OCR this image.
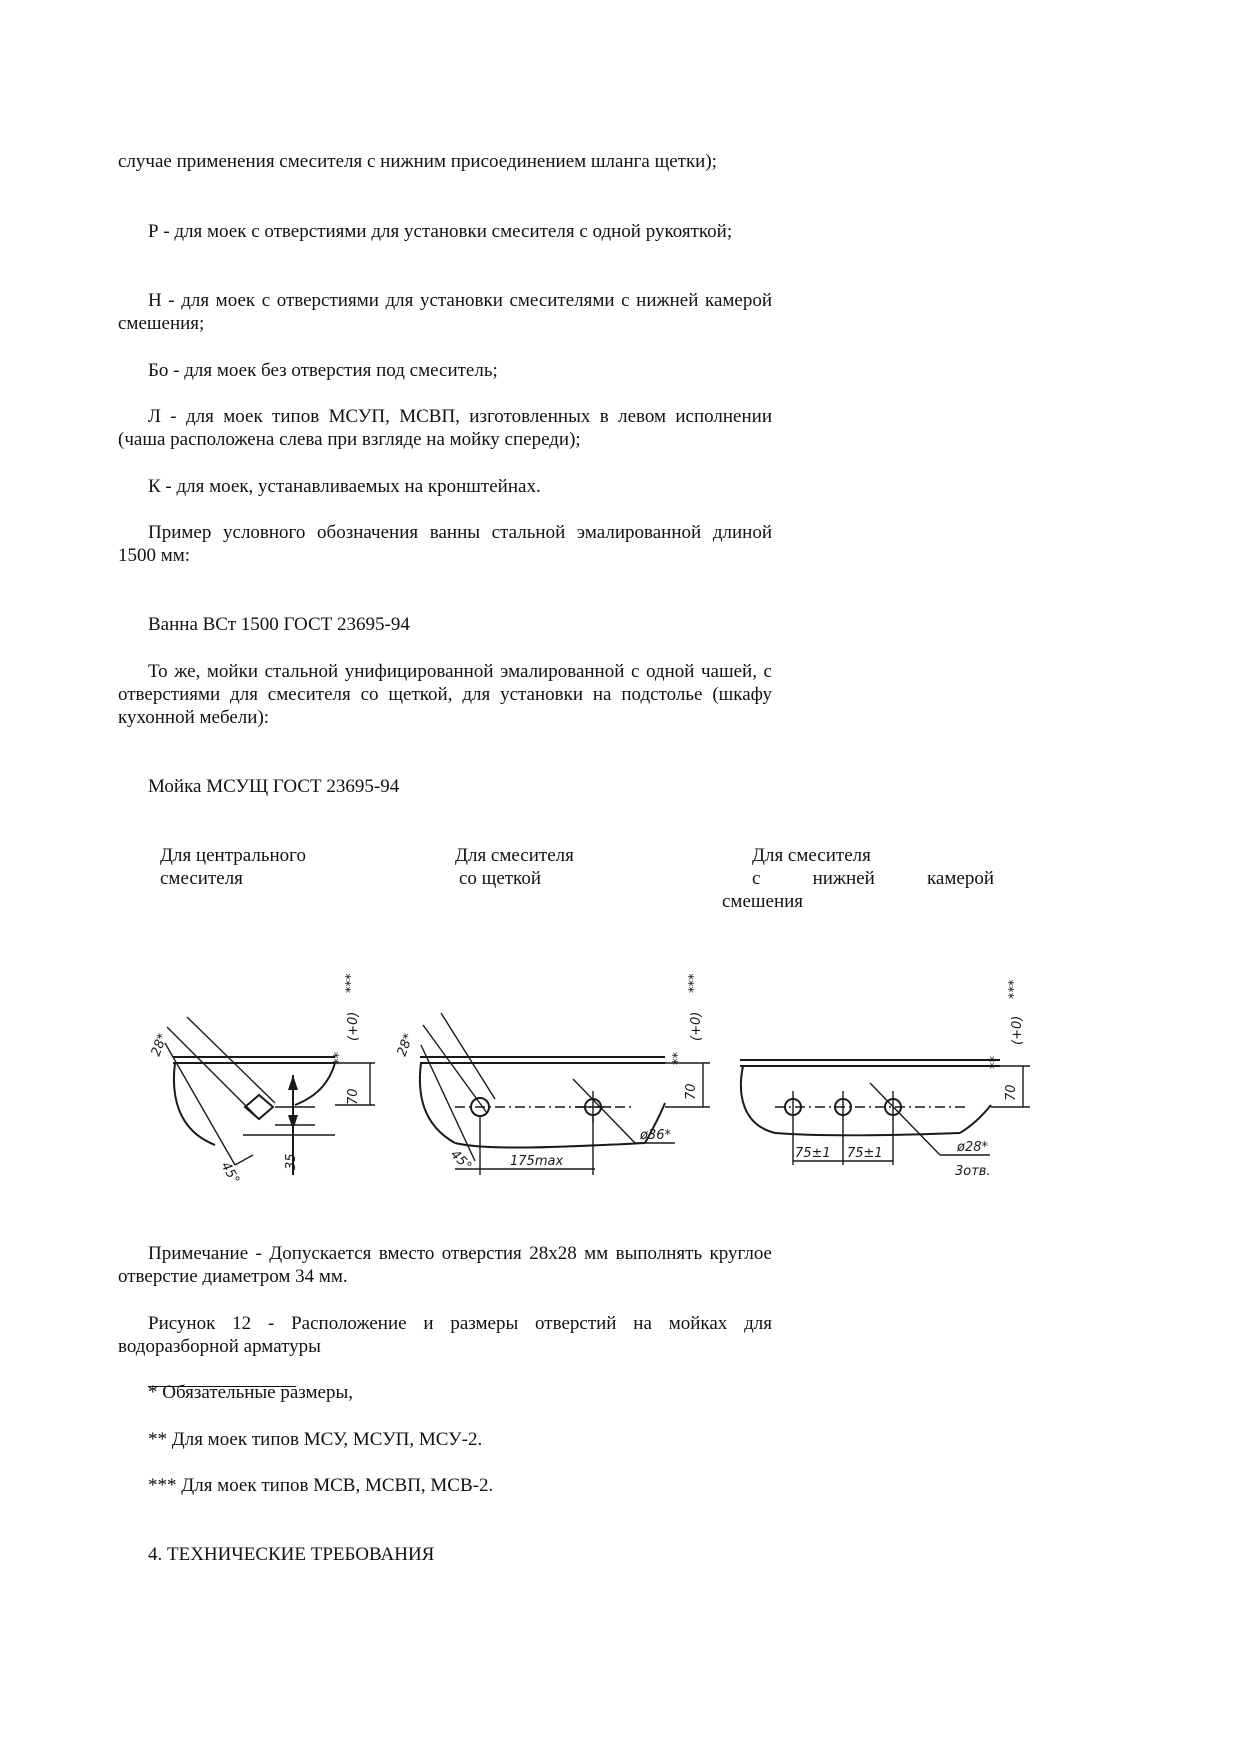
случае применения смесителя с нижним присоединением шланга щетки);

Р - для моек с отверстиями для установки смесителя с одной рукояткой;

Н - для моек с отверстиями для установки смесителями с нижней камерой смешения;

Бо - для моек без отверстия под смеситель;

Л - для моек типов МСУП, МСВП, изготовленных в левом исполнении (чаша расположена слева при взгляде на мойку спереди);

К - для моек, устанавливаемых на кронштейнах.

Пример условного обозначения ванны стальной эмалированной длиной 1500 мм:

Ванна ВСт 1500 ГОСТ 23695-94

То же, мойки стальной унифицированной эмалированной с одной чашей, с отверстиями для смесителя со щеткой, для установки на подстолье (шкафу кухонной мебели):

Мойка МСУЩ ГОСТ 23695-94

Для центрального
смесителя
Для смесителя
со щеткой
Для смесителя
с нижней камерой
смешения
70
(+0)
***
**
35
28*
45°
70
(+0)
***
**
175max
ø36*
28*
45°
70
(+0)
***
**
75±1 75±1	ø28*
3отв.

Примечание - Допускается вместо отверстия 28х28 мм выполнять круглое отверстие диаметром 34 мм.

Рисунок 12 - Расположение и размеры отверстий на мойках для водоразборной арматуры

* Обязательные размеры,

** Для моек типов МСУ, МСУП, МСУ-2.

*** Для моек типов МСВ, МСВП, МСВ-2.

4. ТЕХНИЧЕСКИЕ ТРЕБОВАНИЯ
